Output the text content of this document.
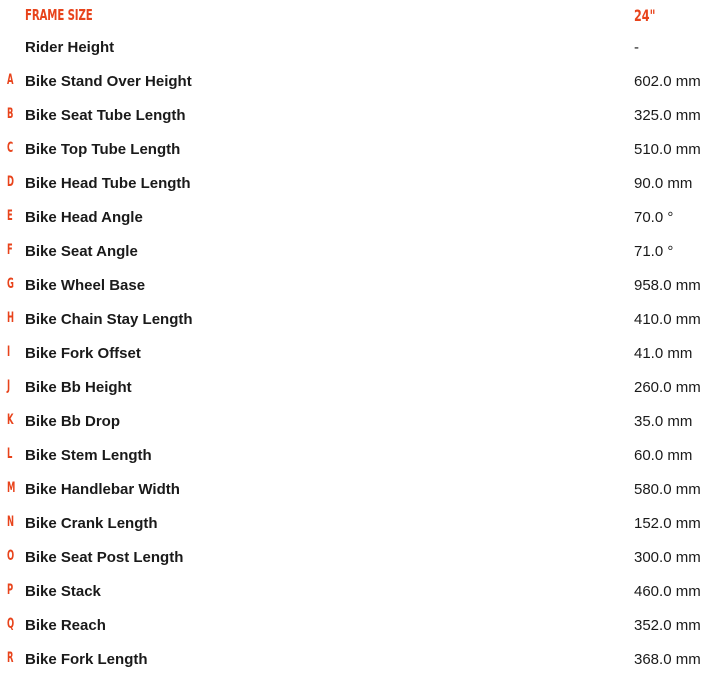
FRAME SIZE	24"
Rider Height	-
A Bike Stand Over Height	602.0 mm
B Bike Seat Tube Length	325.0 mm
C Bike Top Tube Length	510.0 mm
D Bike Head Tube Length	90.0 mm
E Bike Head Angle	70.0 °
F Bike Seat Angle	71.0 °
G Bike Wheel Base	958.0 mm
H Bike Chain Stay Length	410.0 mm
I Bike Fork Offset	41.0 mm
J Bike Bb Height	260.0 mm
K Bike Bb Drop	35.0 mm
L Bike Stem Length	60.0 mm
M Bike Handlebar Width	580.0 mm
N Bike Crank Length	152.0 mm
O Bike Seat Post Length	300.0 mm
P Bike Stack	460.0 mm
Q Bike Reach	352.0 mm
R Bike Fork Length	368.0 mm
